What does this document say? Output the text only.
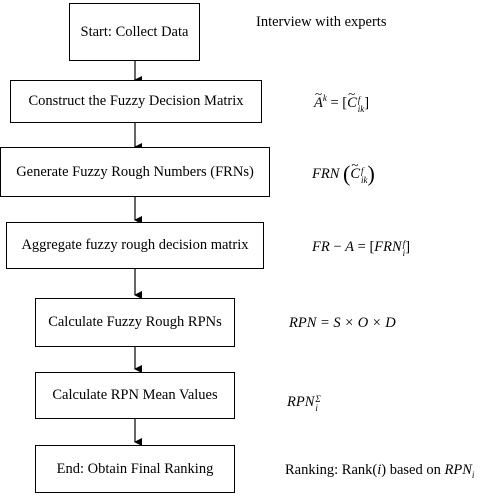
Start: Collect Data
Construct the Fuzzy Decision Matrix
Generate Fuzzy Rough Numbers (FRNs)
Aggregate fuzzy rough decision matrix
Calculate Fuzzy Rough RPNs
Calculate RPN Mean Values
End: Obtain Final Ranking
Interview with experts
~ $A^k$ = [~ C f
ik ]
FRN (~ C f
ik )
FR − A = [FRN f
i ]
RPN = S × O × D
RPN Σ
i
Ranking: Rank(i) based on $RPN_i$
